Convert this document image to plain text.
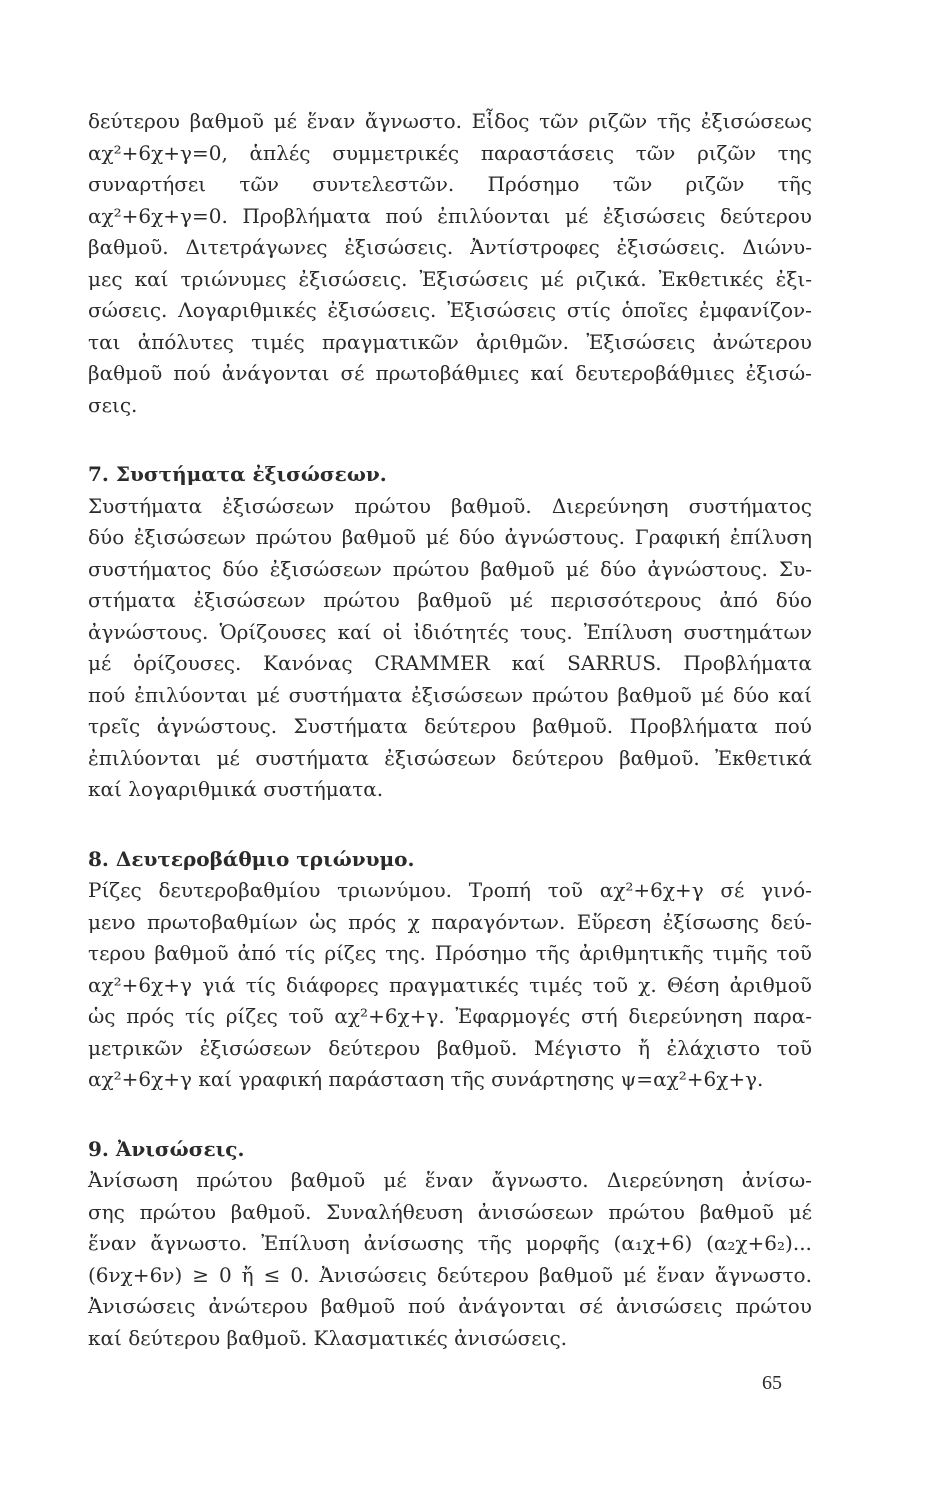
δεύτερου βαθμοῦ μέ ἕναν ἄγνωστο. Εἶδος τῶν ριζῶν τῆς ἐξισώσεως
αχ²+6χ+γ=0, ἁπλές συμμετρικές παραστάσεις τῶν ριζῶν της
συναρτήσει τῶν συντελεστῶν. Πρόσημο τῶν ριζῶν τῆς
αχ²+6χ+γ=0. Προβλήματα πού ἐπιλύονται μέ ἐξισώσεις δεύτερου
βαθμοῦ. Διτετράγωνες ἐξισώσεις. Ἀντίστροφες ἐξισώσεις. Διώνυ-
μες καί τριώνυμες ἐξισώσεις. Ἐξισώσεις μέ ριζικά. Ἐκθετικές ἐξι-
σώσεις. Λογαριθμικές ἐξισώσεις. Ἐξισώσεις στίς ὁποῖες ἐμφανίζον-
ται ἀπόλυτες τιμές πραγματικῶν ἀριθμῶν. Ἐξισώσεις ἀνώτερου
βαθμοῦ πού ἀνάγονται σέ πρωτοβάθμιες καί δευτεροβάθμιες ἐξισώ-
σεις.
7. Συστήματα ἐξισώσεων.
Συστήματα ἐξισώσεων πρώτου βαθμοῦ. Διερεύνηση συστήματος
δύο ἐξισώσεων πρώτου βαθμοῦ μέ δύο ἀγνώστους. Γραφική ἐπίλυση
συστήματος δύο ἐξισώσεων πρώτου βαθμοῦ μέ δύο ἀγνώστους. Συ-
στήματα ἐξισώσεων πρώτου βαθμοῦ μέ περισσότερους ἀπό δύο
ἀγνώστους. Ὁρίζουσες καί οἱ ἰδιότητές τους. Ἐπίλυση συστημάτων
μέ ὁρίζουσες. Κανόνας CRAMMER καί SARRUS. Προβλήματα
πού ἐπιλύονται μέ συστήματα ἐξισώσεων πρώτου βαθμοῦ μέ δύο καί
τρεῖς ἀγνώστους. Συστήματα δεύτερου βαθμοῦ. Προβλήματα πού
ἐπιλύονται μέ συστήματα ἐξισώσεων δεύτερου βαθμοῦ. Ἐκθετικά
καί λογαριθμικά συστήματα.
8. Δευτεροβάθμιο τριώνυμο.
Ρίζες δευτεροβαθμίου τριωνύμου. Τροπή τοῦ αχ²+6χ+γ σέ γινό-
μενο πρωτοβαθμίων ὡς πρός χ παραγόντων. Εὕρεση ἐξίσωσης δεύ-
τερου βαθμοῦ ἀπό τίς ρίζες της. Πρόσημο τῆς ἀριθμητικῆς τιμῆς τοῦ
αχ²+6χ+γ γιά τίς διάφορες πραγματικές τιμές τοῦ χ. Θέση ἀριθμοῦ
ὡς πρός τίς ρίζες τοῦ αχ²+6χ+γ. Ἐφαρμογές στή διερεύνηση παρα-
μετρικῶν ἐξισώσεων δεύτερου βαθμοῦ. Μέγιστο ἤ ἐλάχιστο τοῦ
αχ²+6χ+γ καί γραφική παράσταση τῆς συνάρτησης ψ=αχ²+6χ+γ.
9. Ἀνισώσεις.
Ἀνίσωση πρώτου βαθμοῦ μέ ἕναν ἄγνωστο. Διερεύνηση ἀνίσω-
σης πρώτου βαθμοῦ. Συναλήθευση ἀνισώσεων πρώτου βαθμοῦ μέ
ἕναν ἄγνωστο. Ἐπίλυση ἀνίσωσης τῆς μορφῆς (α₁χ+6) (α₂χ+6₂)...
(6νχ+6ν) ≥ 0 ἤ ≤ 0. Ἀνισώσεις δεύτερου βαθμοῦ μέ ἕναν ἄγνωστο.
Ἀνισώσεις ἀνώτερου βαθμοῦ πού ἀνάγονται σέ ἀνισώσεις πρώτου
καί δεύτερου βαθμοῦ. Κλασματικές ἀνισώσεις.
65
